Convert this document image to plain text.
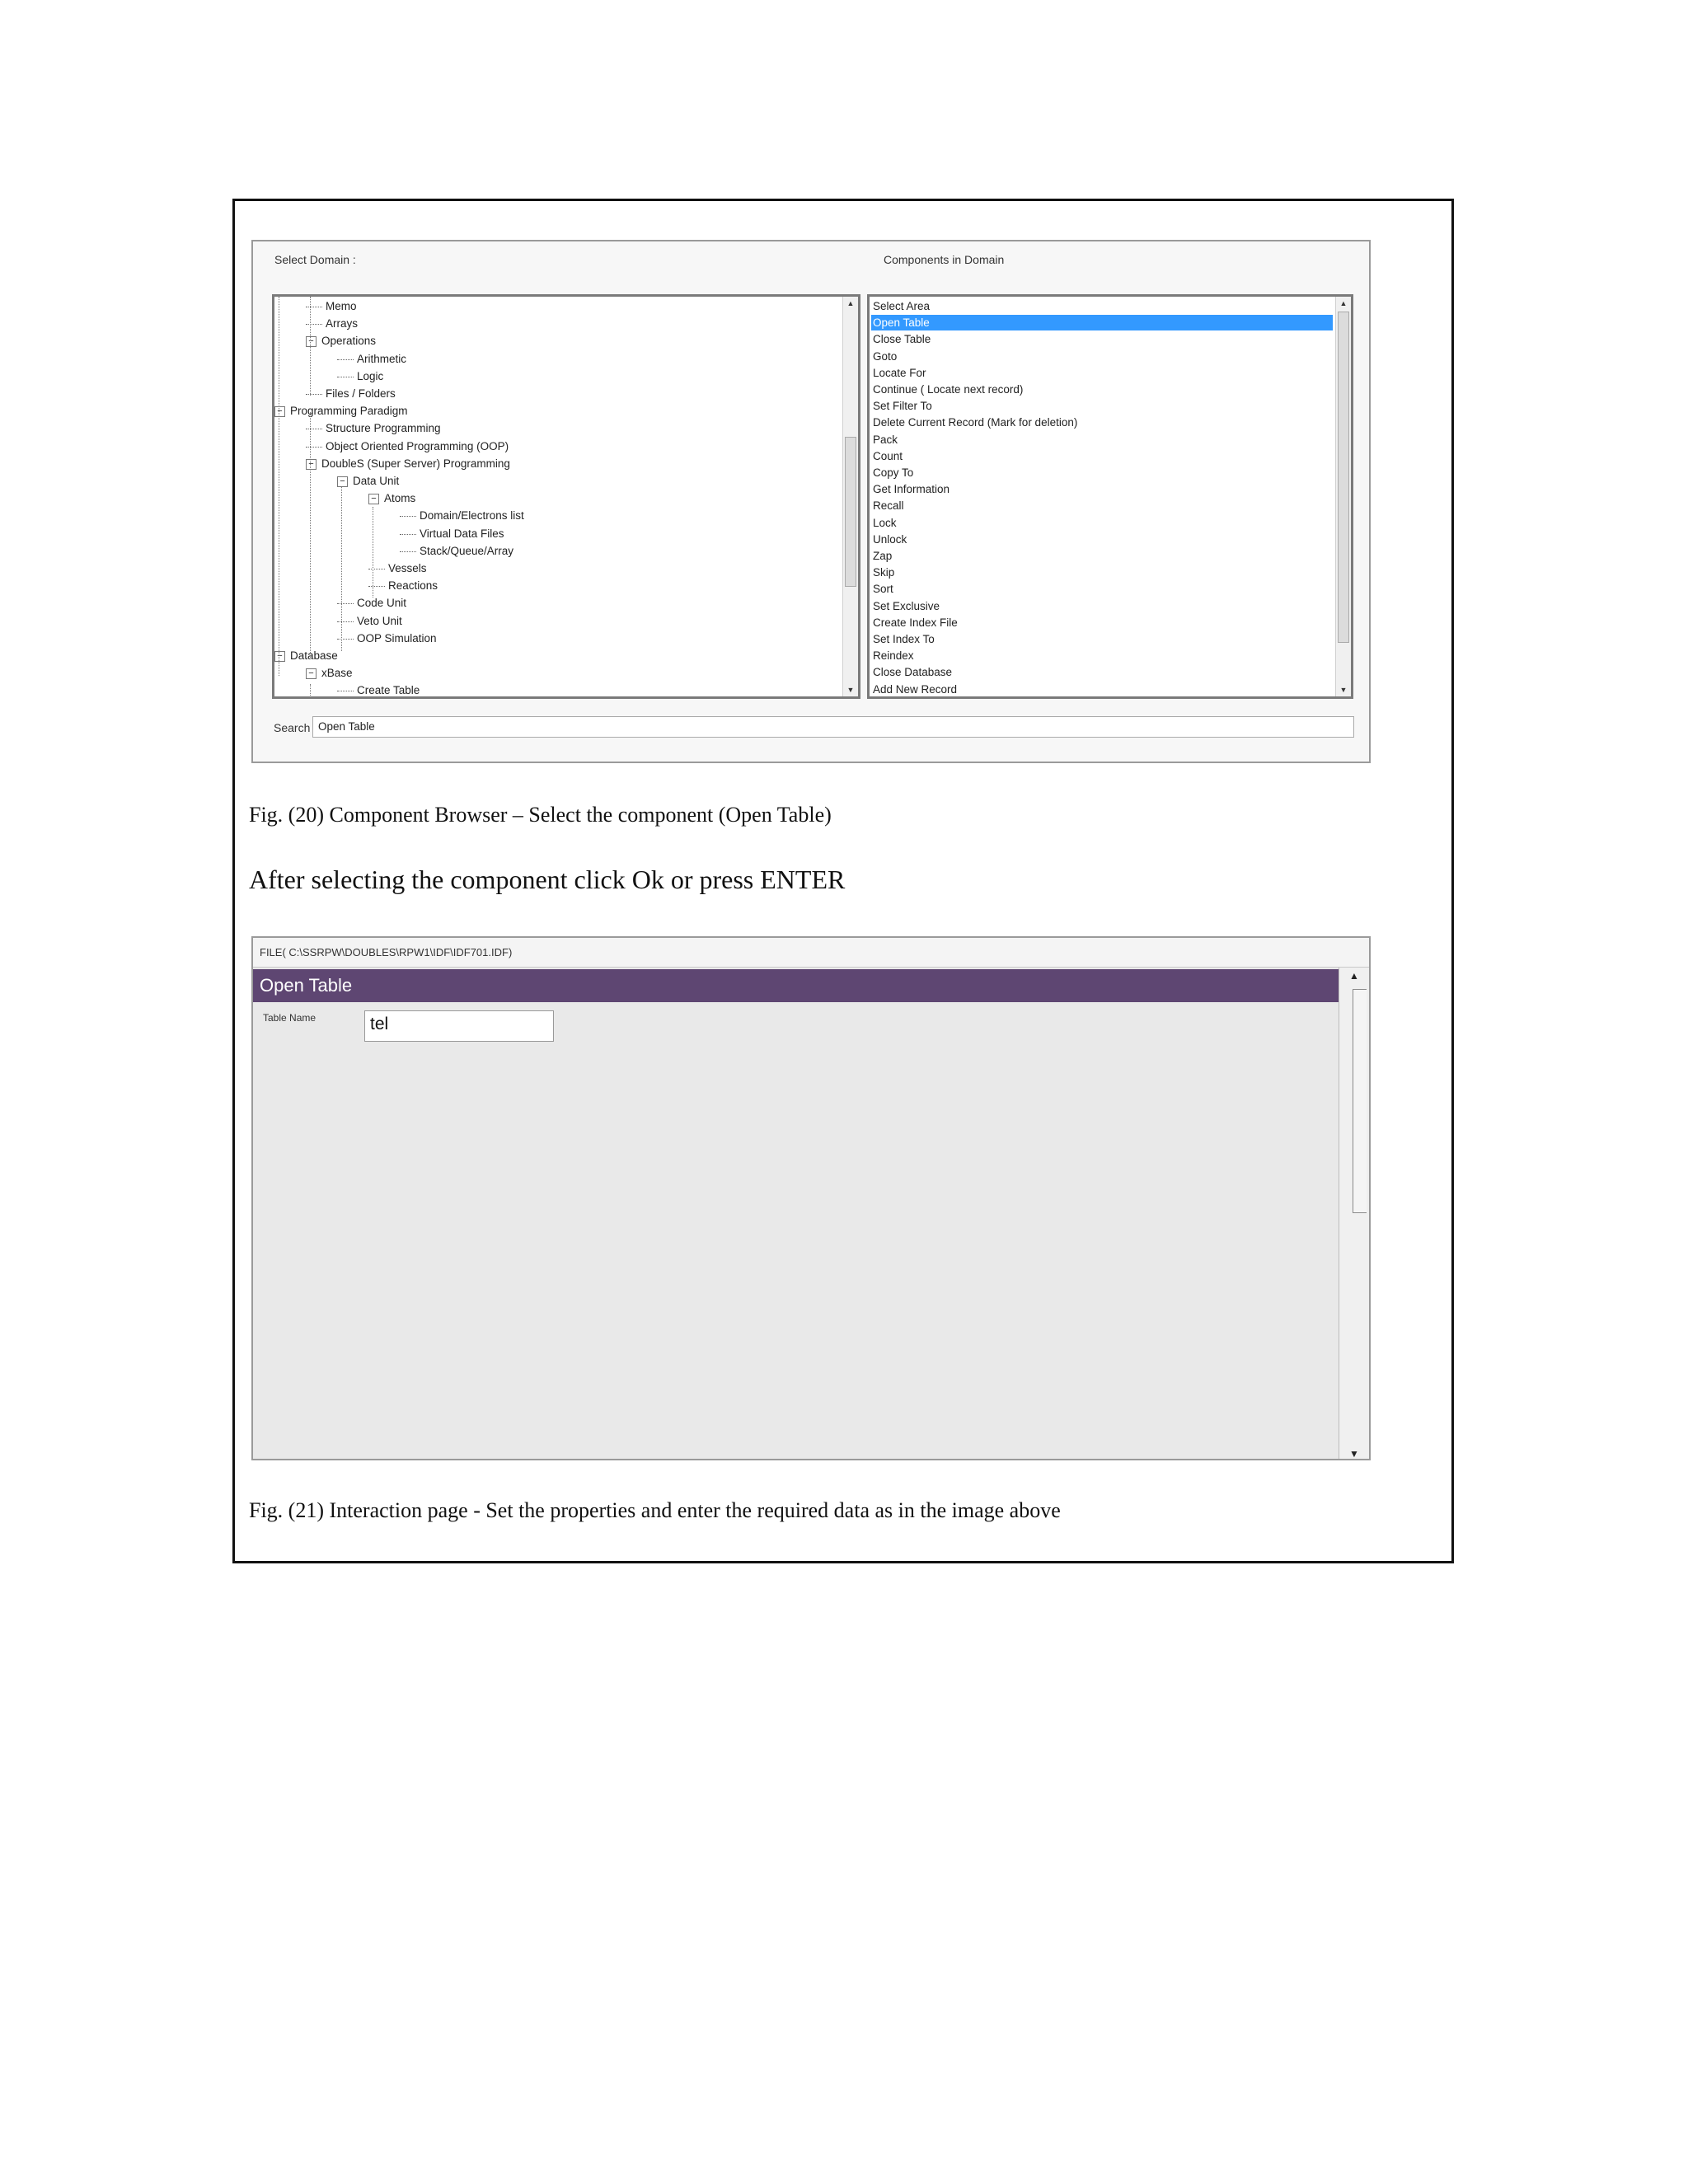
Select Domain :	Components in Domain
Memo
Arrays
− Operations
Arithmetic
Logic
Files / Folders
− Programming Paradigm
Structure Programming
Object Oriented Programming (OOP)
− DoubleS (Super Server) Programming
− Data Unit
− Atoms
Domain/Electrons list
Virtual Data Files
Stack/Queue/Array
Vessels
Reactions
Code Unit
Veto Unit
OOP Simulation
− Database
− xBase
Create Table
▲
▼
Select Area
Open Table
Close Table
Goto
Locate For
Continue ( Locate next record)
Set Filter To
Delete Current Record (Mark for deletion)
Pack
Count
Copy To
Get Information
Recall
Lock
Unlock
Zap
Skip
Sort
Set Exclusive
Create Index File
Set Index To
Reindex
Close Database
Add New Record
▲
▼
Search Open Table
Fig. (20) Component Browser – Select the component (Open Table)
After selecting the component click Ok or press ENTER
FILE( C:\SSRPW\DOUBLES\RPW1\IDF\IDF701.IDF)
Open Table
Table Name	tel
▲
▼
Fig. (21) Interaction page - Set the properties and enter the required data as in the image above
